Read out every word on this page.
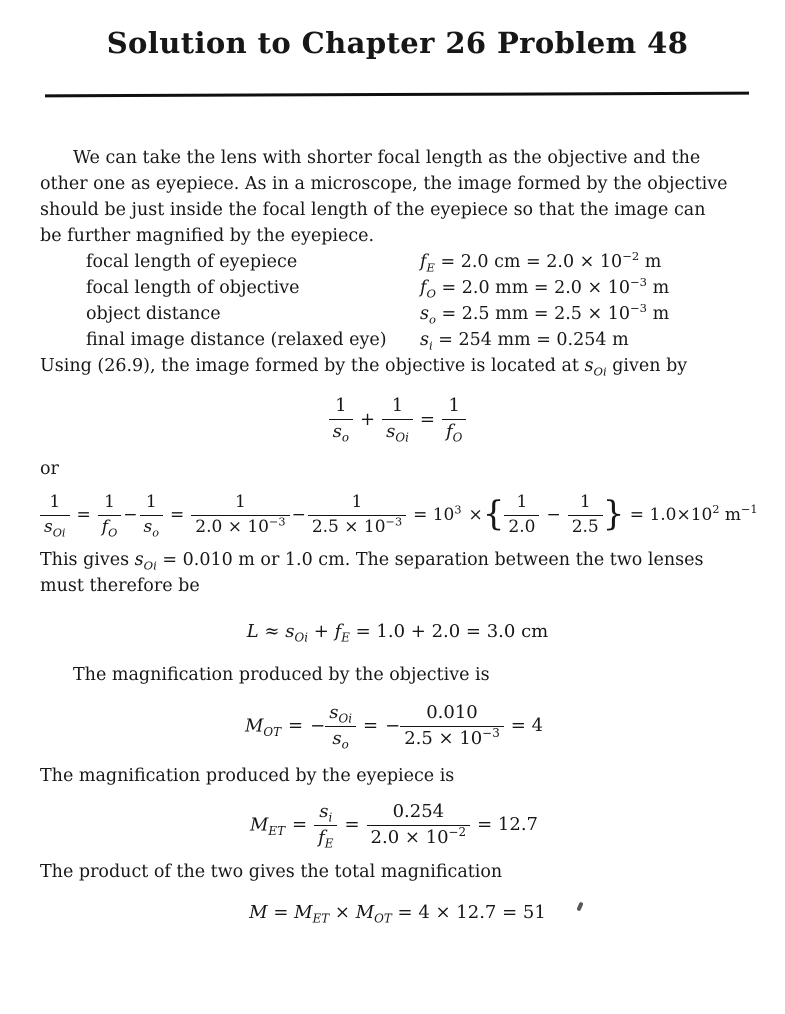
Solution to Chapter 26 Problem 48

We can take the lens with shorter focal length as the objective and the

other one as eyepiece. As in a microscope, the image formed by the objective

should be just inside the focal length of the eyepiece so that the image can

be further magnified by the eyepiece.

focal length of eyepiece	$f_E = 2.0$ cm = $2.0 \times 10^{-2}$ m
focal length of objective	$f_O = 2.0$ mm = $2.0 \times 10^{-3}$ m
object distance	$s_o = 2.5$ mm = $2.5 \times 10^{-3}$ m
final image distance (relaxed eye)	$s_i = 254$ mm = 0.254 m

Using (26.9), the image formed by the objective is located at $s_{Oi}$ given by

$\frac{1}{s_o}$ +
1
$s_{Oi}$
= $\frac{1}{f_O}$

or

1
$s_{Oi}$
= $\frac{1}{f_O} - \frac{1}{s_o} = \frac{1}{2.0 \times 10^{-3}} - \frac{1}{2.5 \times 10^{-3}} = 10^3$ ×{ $\frac{1}{2.0} - \frac{1}{2.5}$ } = $1.0\times 10^2$ $m^{-1}$

This gives $s_{Oi} = 0.010$ m or 1.0 cm. The separation between the two lenses

must therefore be

$L \approx s_{Oi} + f_E = 1.0 + 2.0 = 3.0$ cm

The magnification produced by the objective is

$M_{OT}$ = −
$s_{Oi}$
$s_o$
= − $\frac{0.010}{2.5 \times 10^{-3}} = 4$

The magnification produced by the eyepiece is

$M_{ET} = \frac{s_i}{f_E} = \frac{0.254}{2.0 \times 10^{-2}} = 12.7$

The product of the two gives the total magnification

$M = M_{ET} \times M_{OT} = 4 \times 12.7 = 51$
